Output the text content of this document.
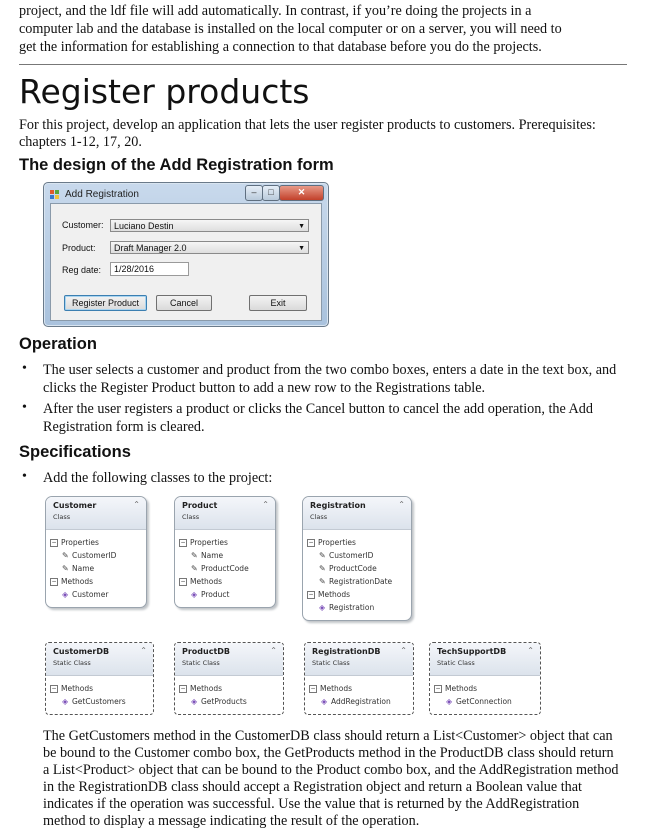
project, and the ldf file will add automatically. In contrast, if you’re doing the projects in a

computer lab and the database is installed on the local computer or on a server, you will need to

get the information for establishing a connection to that database before you do the projects.

Register products

For this project, develop an application that lets the user register products to customers. Prerequisites:

chapters 1-12, 17, 20.

The design of the Add Registration form
Add Registration	–	□	✕
Customer:	Luciano Destin	▼
Product:	Draft Manager 2.0	▼
Reg date:	1/28/2016
Register Product	Cancel	Exit
Operation
• The user selects a customer and product from the two combo boxes, enters a date in the text box, and

clicks the Register Product button to add a new row to the Registrations table.

• After the user registers a product or clicks the Cancel button to cancel the add operation, the Add

Registration form is cleared.

Specifications
• Add the following classes to the project:

Customer
Class
⌃
− Properties
✎ CustomerID
✎ Name
− Methods
◈ Customer
Product
Class
⌃
− Properties
✎ Name
✎ ProductCode
− Methods
◈ Product
Registration
Class
⌃
− Properties
✎ CustomerID
✎ ProductCode
✎ RegistrationDate
− Methods
◈ Registration
CustomerDB
Static Class
⌃
− Methods
◈ GetCustomers
ProductDB
Static Class
⌃
− Methods
◈ GetProducts
RegistrationDB
Static Class
⌃
− Methods
◈ AddRegistration
TechSupportDB
Static Class
⌃
− Methods
◈ GetConnection

The GetCustomers method in the CustomerDB class should return a List<Customer> object that can

be bound to the Customer combo box, the GetProducts method in the ProductDB class should return

a List<Product> object that can be bound to the Product combo box, and the AddRegistration method

in the RegistrationDB class should accept a Registration object and return a Boolean value that

indicates if the operation was successful. Use the value that is returned by the AddRegistration

method to display a message indicating the result of the operation.
